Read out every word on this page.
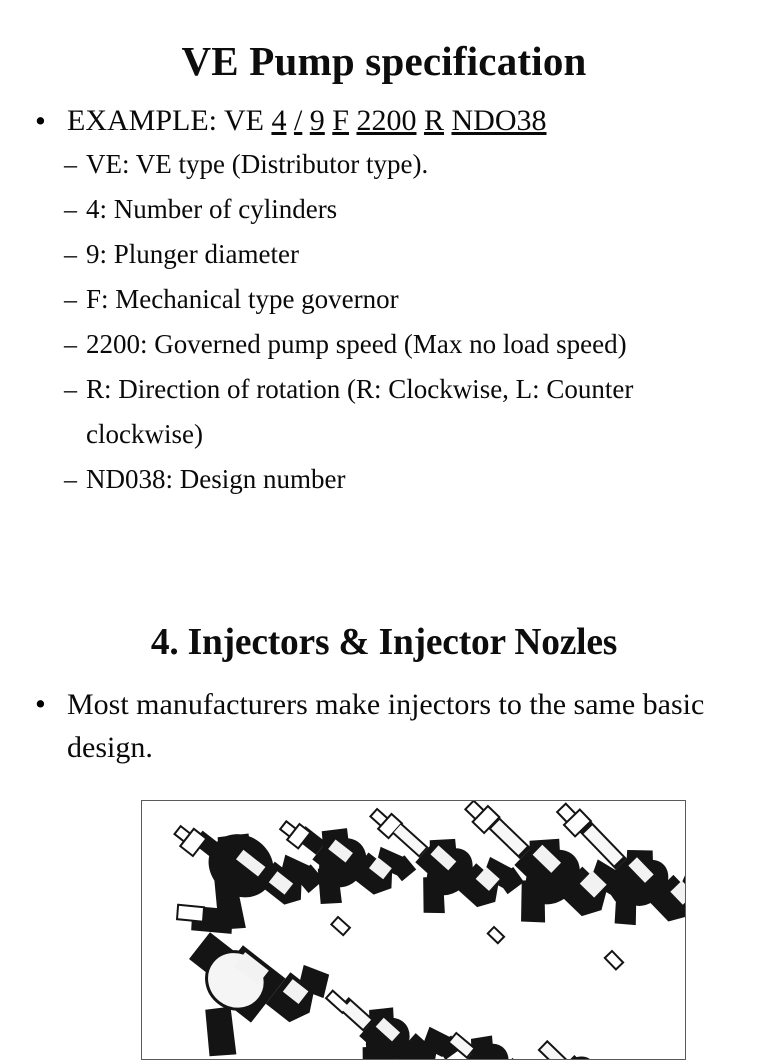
VE Pump specification
• EXAMPLE: VE 4 / 9 F 2200 R NDO38
– VE: VE type (Distributor type).
– 4: Number of cylinders
– 9: Plunger diameter
– F: Mechanical type governor
– 2200: Governed pump speed (Max no load speed)
– R: Direction of rotation (R: Clockwise, L: Counter clockwise)
– ND038: Design number
4. Injectors & Injector Nozles
• Most manufacturers make injectors to the same basic design.
